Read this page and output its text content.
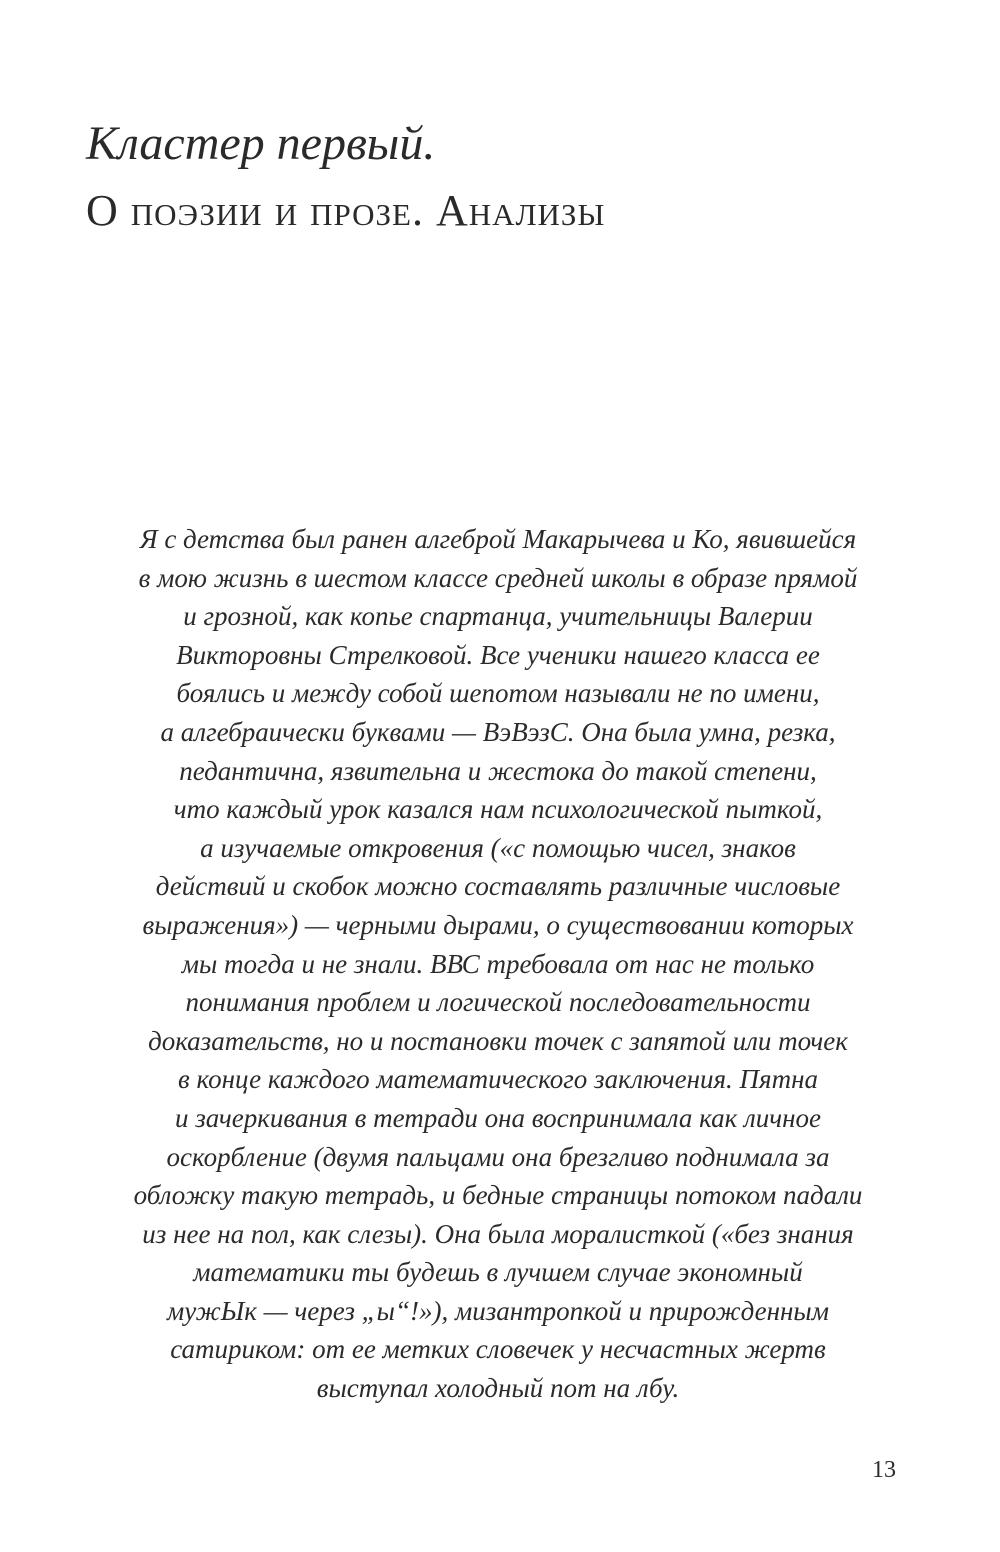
Кластер первый.
О поэзии и прозе. Анализы
Я с детства был ранен алгеброй Макарычева и Ко, явившейся
в мою жизнь в шестом классе средней школы в образе прямой
и грозной, как копье спартанца, учительницы Валерии
Викторовны Стрелковой. Все ученики нашего класса ее
боялись и между собой шепотом называли не по имени,
а алгебраически буквами — ВэВэзС. Она была умна, резка,
педантична, язвительна и жестока до такой степени,
что каждый урок казался нам психологической пыткой,
а изучаемые откровения («с помощью чисел, знаков
действий и скобок можно составлять различные числовые
выражения») — черными дырами, о существовании которых
мы тогда и не знали. ВВС требовала от нас не только
понимания проблем и логической последовательности
доказательств, но и постановки точек с запятой или точек
в конце каждого математического заключения. Пятна
и зачеркивания в тетради она воспринимала как личное
оскорбление (двумя пальцами она брезгливо поднимала за
обложку такую тетрадь, и бедные страницы потоком падали
из нее на пол, как слезы). Она была моралисткой («без знания
математики ты будешь в лучшем случае экономный
мужЫк — через „ы“!»), мизантропкой и прирожденным
сатириком: от ее метких словечек у несчастных жертв
выступал холодный пот на лбу.
13
